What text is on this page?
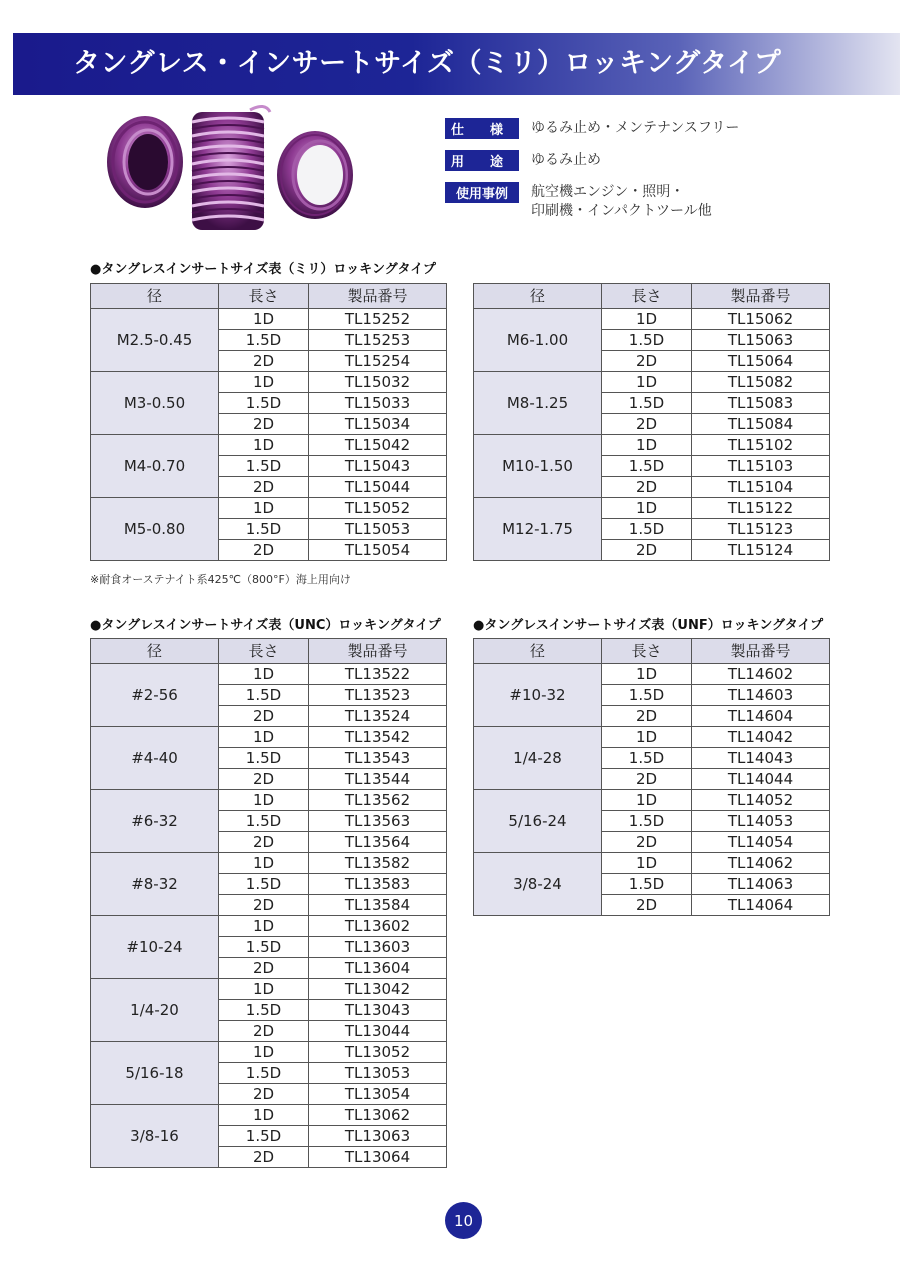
タングレス・インサートサイズ（ミリ）ロッキングタイプ
仕　　様 ゆるみ止め・メンテナンスフリー
用　　途 ゆるみ止め
使用事例 航空機エンジン・照明・
印刷機・インパクトツール他
●タングレスインサートサイズ表（ミリ）ロッキングタイプ
径	長さ	製品番号
M2.5-0.45	1D	TL15252
	1.5D	TL15253
	2D	TL15254
M3-0.50	1D	TL15032
	1.5D	TL15033
	2D	TL15034
M4-0.70	1D	TL15042
	1.5D	TL15043
	2D	TL15044
M5-0.80	1D	TL15052
	1.5D	TL15053
	2D	TL15054
径	長さ	製品番号
M6-1.00	1D	TL15062
	1.5D	TL15063
	2D	TL15064
M8-1.25	1D	TL15082
	1.5D	TL15083
	2D	TL15084
M10-1.50	1D	TL15102
	1.5D	TL15103
	2D	TL15104
M12-1.75	1D	TL15122
	1.5D	TL15123
	2D	TL15124
※耐食オーステナイト系425℃（800°F）海上用向け
●タングレスインサートサイズ表（UNC）ロッキングタイプ ●タングレスインサートサイズ表（UNF）ロッキングタイプ
径	長さ	製品番号
#2-56	1D	TL13522
	1.5D	TL13523
	2D	TL13524
#4-40	1D	TL13542
	1.5D	TL13543
	2D	TL13544
#6-32	1D	TL13562
	1.5D	TL13563
	2D	TL13564
#8-32	1D	TL13582
	1.5D	TL13583
	2D	TL13584
#10-24	1D	TL13602
	1.5D	TL13603
	2D	TL13604
1/4-20	1D	TL13042
	1.5D	TL13043
	2D	TL13044
5/16-18	1D	TL13052
	1.5D	TL13053
	2D	TL13054
3/8-16	1D	TL13062
	1.5D	TL13063
	2D	TL13064
径	長さ	製品番号
#10-32	1D	TL14602
	1.5D	TL14603
	2D	TL14604
1/4-28	1D	TL14042
	1.5D	TL14043
	2D	TL14044
5/16-24	1D	TL14052
	1.5D	TL14053
	2D	TL14054
3/8-24	1D	TL14062
	1.5D	TL14063
	2D	TL14064
10
